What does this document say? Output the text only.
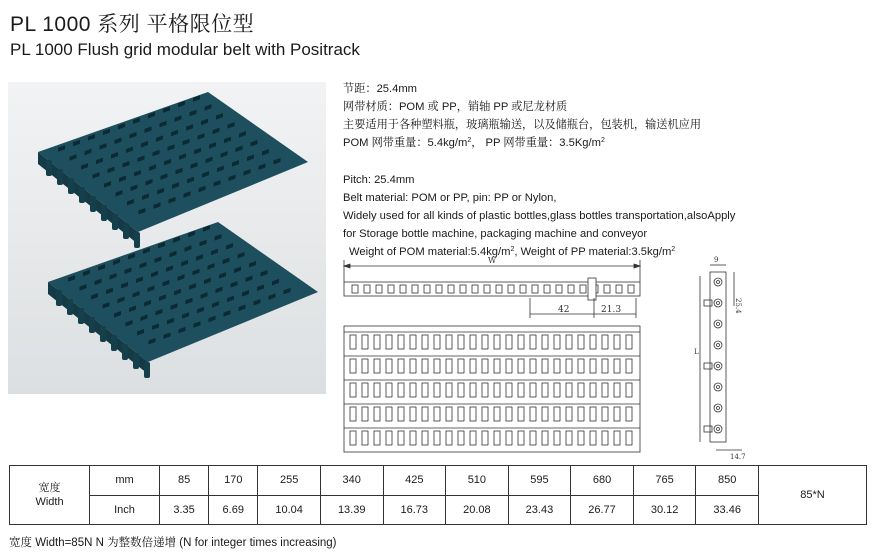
PL 1000 系列 平格限位型
PL 1000 Flush grid modular belt with Positrack
节距：25.4mm
网带材质：POM 或 PP，销轴 PP 或尼龙材质
主要适用于各种塑料瓶，玻璃瓶输送，以及储瓶台，包装机，输送机应用
POM 网带重量：$5.4kg/m^2$， PP 网带重量：$3.5Kg/m^2$
Pitch: 25.4mm
Belt material: POM or PP, pin: PP or Nylon,
Widely used for all kinds of plastic bottles,glass bottles transportation,alsoApply
for Storage bottle machine, packaging machine and conveyor
Weight of POM $material:5.4kg/m^2$, Weight of PP $material:3.5kg/m^2$
W
42	21.3
9
25.4
L
14.7
宽度
Width	mm	85	170	255	340	425	510	595	680	765	850	85*N
	Inch	3.35	6.69	10.04	13.39	16.73	20.08	23.43	26.77	30.12	33.46	
宽度 Width=85N N 为整数倍递增 (N for integer times increasing)
